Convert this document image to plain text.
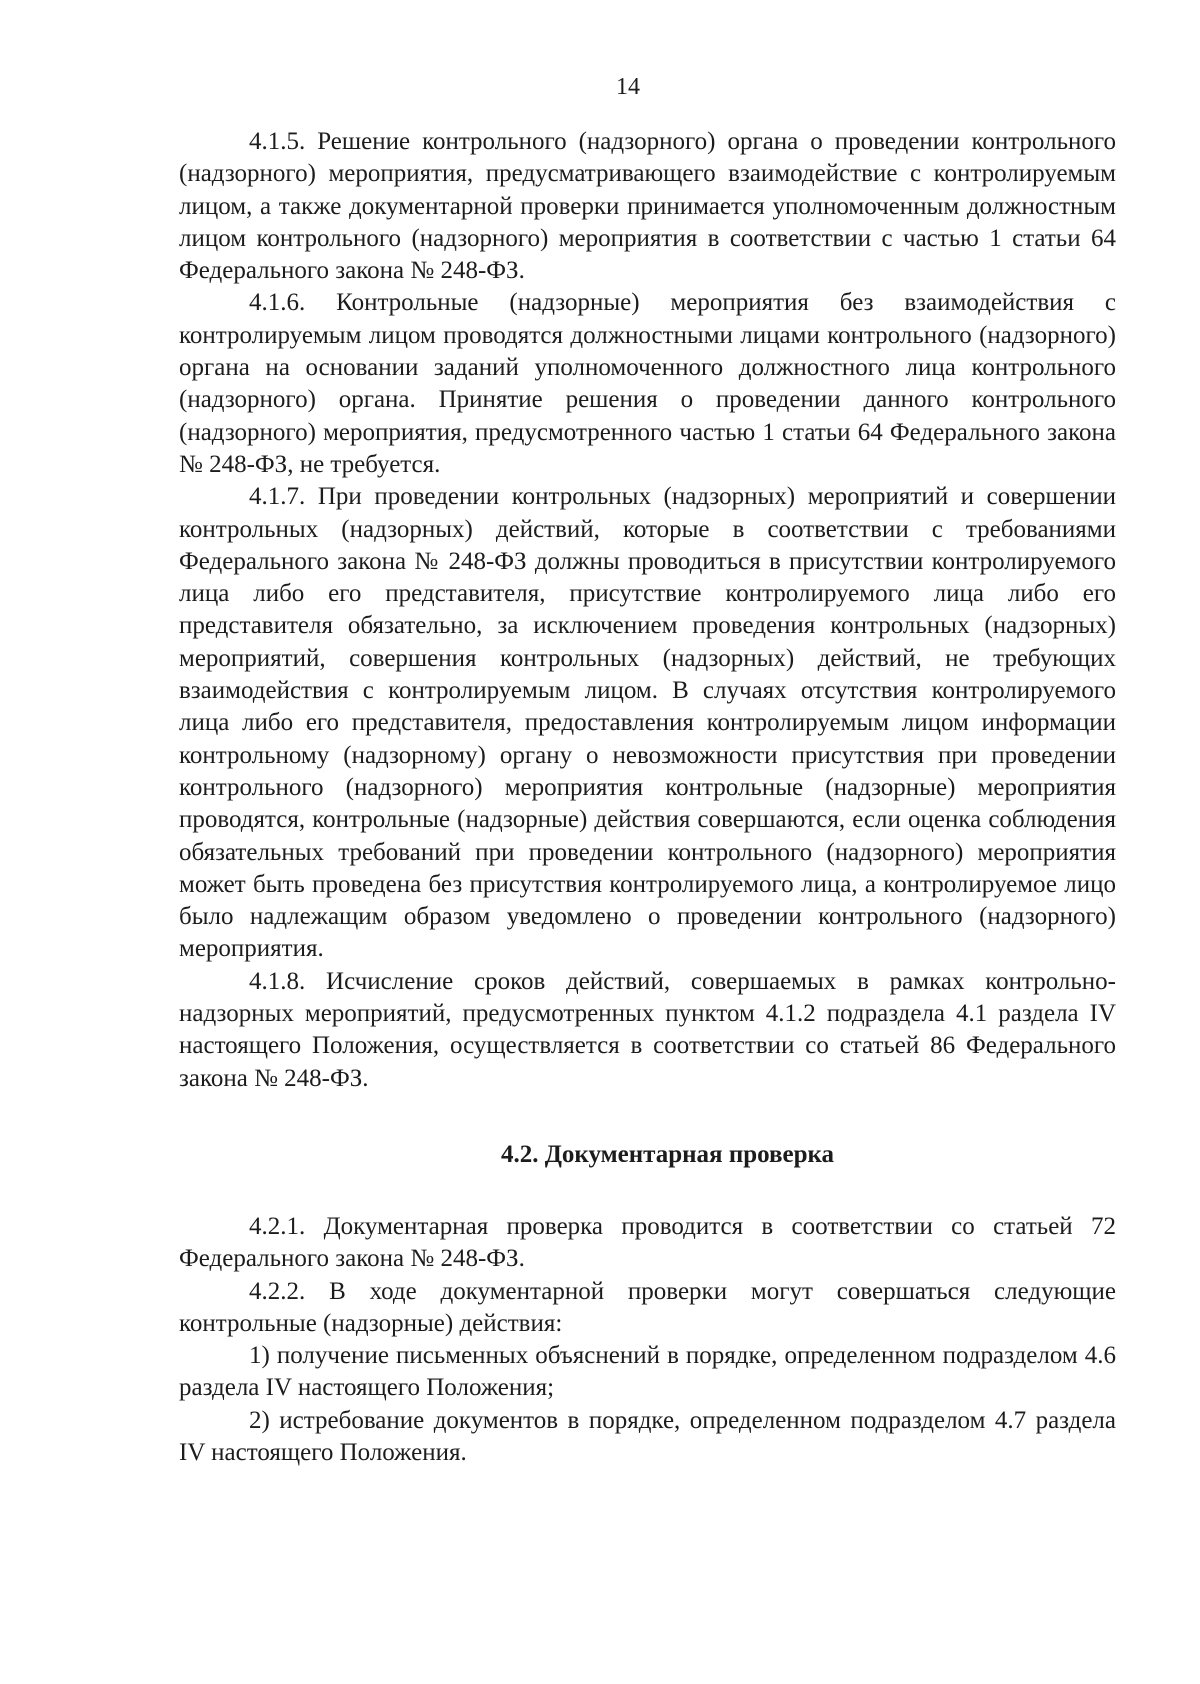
14

4.1.5. Решение контрольного (надзорного) органа о проведении контрольного (надзорного) мероприятия, предусматривающего взаимодействие с контролируемым лицом, а также документарной проверки принимается уполномоченным должностным лицом контрольного (надзорного) мероприятия в соответствии с частью 1 статьи 64 Федерального закона № 248-ФЗ.

4.1.6. Контрольные (надзорные) мероприятия без взаимодействия с контролируемым лицом проводятся должностными лицами контрольного (надзорного) органа на основании заданий уполномоченного должностного лица контрольного (надзорного) органа. Принятие решения о проведении данного контрольного (надзорного) мероприятия, предусмотренного частью 1 статьи 64 Федерального закона № 248-ФЗ, не требуется.

4.1.7. При проведении контрольных (надзорных) мероприятий и совершении контрольных (надзорных) действий, которые в соответствии с требованиями Федерального закона № 248-ФЗ должны проводиться в присутствии контролируемого лица либо его представителя, присутствие контролируемого лица либо его представителя обязательно, за исключением проведения контрольных (надзорных) мероприятий, совершения контрольных (надзорных) действий, не требующих взаимодействия с контролируемым лицом. В случаях отсутствия контролируемого лица либо его представителя, предоставления контролируемым лицом информации контрольному (надзорному) органу о невозможности присутствия при проведении контрольного (надзорного) мероприятия контрольные (надзорные) мероприятия проводятся, контрольные (надзорные) действия совершаются, если оценка соблюдения обязательных требований при проведении контрольного (надзорного) мероприятия может быть проведена без присутствия контролируемого лица, а контролируемое лицо было надлежащим образом уведомлено о проведении контрольного (надзорного) мероприятия.

4.1.8. Исчисление сроков действий, совершаемых в рамках контрольно-надзорных мероприятий, предусмотренных пунктом 4.1.2 подраздела 4.1 раздела IV настоящего Положения, осуществляется в соответствии со статьей 86 Федерального закона № 248-ФЗ.

4.2. Документарная проверка

4.2.1. Документарная проверка проводится в соответствии со статьей 72 Федерального закона № 248-ФЗ.

4.2.2. В ходе документарной проверки могут совершаться следующие контрольные (надзорные) действия:

1) получение письменных объяснений в порядке, определенном подразделом 4.6 раздела IV настоящего Положения;

2) истребование документов в порядке, определенном подразделом 4.7 раздела IV настоящего Положения.
